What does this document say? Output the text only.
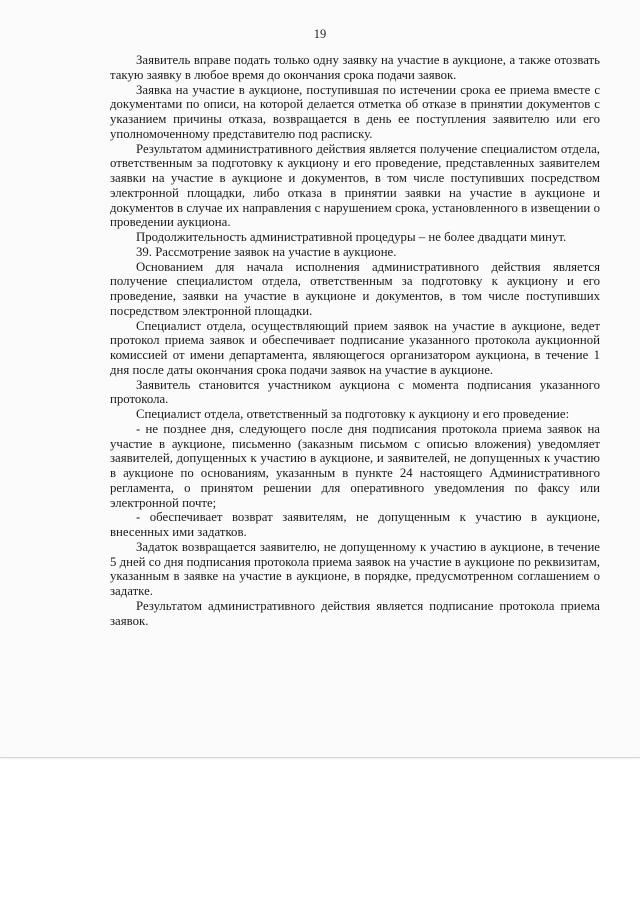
19

Заявитель вправе подать только одну заявку на участие в аукционе, а также отозвать такую заявку в любое время до окончания срока подачи заявок.

Заявка на участие в аукционе, поступившая по истечении срока ее приема вместе с документами по описи, на которой делается отметка об отказе в принятии документов с указанием причины отказа, возвращается в день ее поступления заявителю или его уполномоченному представителю под расписку.

Результатом административного действия является получение специалистом отдела, ответственным за подготовку к аукциону и его проведение, представленных заявителем заявки на участие в аукционе и документов, в том числе поступивших посредством электронной площадки, либо отказа в принятии заявки на участие в аукционе и документов в случае их направления с нарушением срока, установленного в извещении о проведении аукциона.

Продолжительность административной процедуры – не более двадцати минут.

39. Рассмотрение заявок на участие в аукционе.

Основанием для начала исполнения административного действия является получение специалистом отдела, ответственным за подготовку к аукциону и его проведение, заявки на участие в аукционе и документов, в том числе поступивших посредством электронной площадки.

Специалист отдела, осуществляющий прием заявок на участие в аукционе, ведет протокол приема заявок и обеспечивает подписание указанного протокола аукционной комиссией от имени департамента, являющегося организатором аукциона, в течение 1 дня после даты окончания срока подачи заявок на участие в аукционе.

Заявитель становится участником аукциона с момента подписания указанного протокола.

Специалист отдела, ответственный за подготовку к аукциону и его проведение:

- не позднее дня, следующего после дня подписания протокола приема заявок на участие в аукционе, письменно (заказным письмом с описью вложения) уведомляет заявителей, допущенных к участию в аукционе, и заявителей, не допущенных к участию в аукционе по основаниям, указанным в пункте 24 настоящего Административного регламента, о принятом решении для оперативного уведомления по факсу или электронной почте;

- обеспечивает возврат заявителям, не допущенным к участию в аукционе, внесенных ими задатков.

Задаток возвращается заявителю, не допущенному к участию в аукционе, в течение 5 дней со дня подписания протокола приема заявок на участие в аукционе по реквизитам, указанным в заявке на участие в аукционе, в порядке, предусмотренном соглашением о задатке.

Результатом административного действия является подписание протокола приема заявок.
